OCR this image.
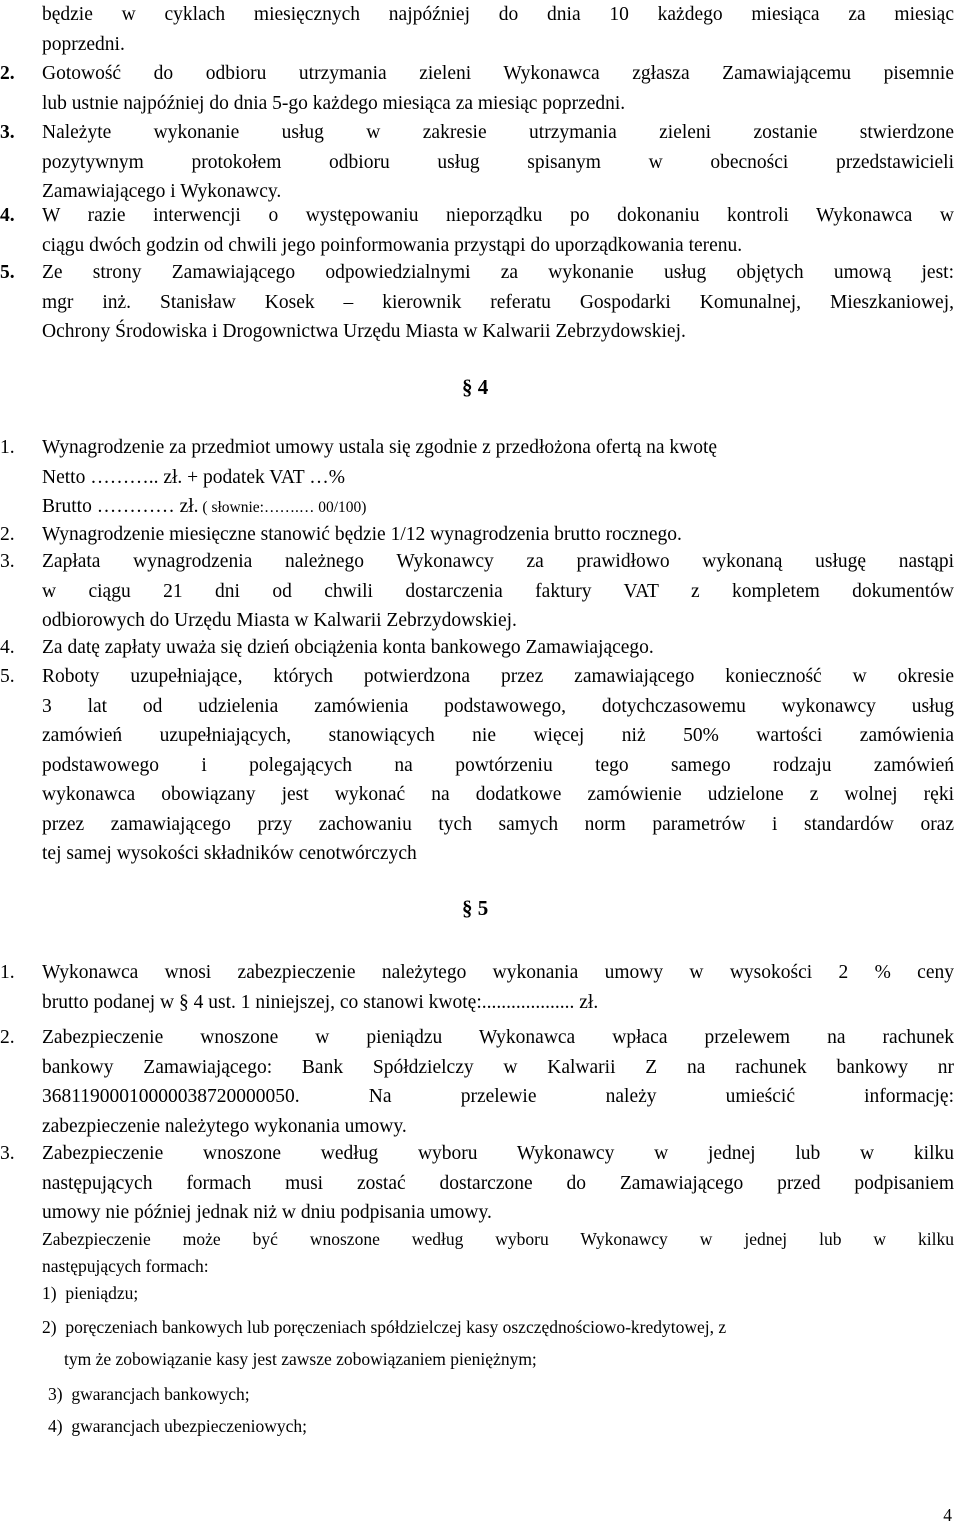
będzie w cyklach miesięcznych najpóźniej do dnia 10 każdego miesiąca za miesiąc
poprzedni.
2. Gotowość do odbioru utrzymania zieleni Wykonawca zgłasza Zamawiającemu pisemnie
lub ustnie najpóźniej do dnia 5-go każdego miesiąca za miesiąc poprzedni.
3. Należyte wykonanie usług w zakresie utrzymania zieleni zostanie stwierdzone
pozytywnym protokołem odbioru usług spisanym w obecności przedstawicieli
Zamawiającego i Wykonawcy.
4. W razie interwencji o występowaniu nieporządku po dokonaniu kontroli Wykonawca w
ciągu dwóch godzin od chwili jego poinformowania przystąpi do uporządkowania terenu.
5. Ze strony Zamawiającego odpowiedzialnymi za wykonanie usług objętych umową jest:
mgr inż. Stanisław Kosek – kierownik referatu Gospodarki Komunalnej, Mieszkaniowej,
Ochrony Środowiska i Drogownictwa Urzędu Miasta w Kalwarii Zebrzydowskiej.
§ 4
1. Wynagrodzenie za przedmiot umowy ustala się zgodnie z przedłożona ofertą na kwotę
Netto ……….. zł. + podatek VAT …%
Brutto ………… zł. ( słownie:…….… 00/100)
2. Wynagrodzenie miesięczne stanowić będzie 1/12 wynagrodzenia brutto rocznego.
3. Zapłata wynagrodzenia należnego Wykonawcy za prawidłowo wykonaną usługę nastąpi
w ciągu 21 dni od chwili dostarczenia faktury VAT z kompletem dokumentów
odbiorowych do Urzędu Miasta w Kalwarii Zebrzydowskiej.
4. Za datę zapłaty uważa się dzień obciążenia konta bankowego Zamawiającego.
5. Roboty uzupełniające, których potwierdzona przez zamawiającego konieczność w okresie
3 lat od udzielenia zamówienia podstawowego, dotychczasowemu wykonawcy usług
zamówień uzupełniających, stanowiących nie więcej niż 50% wartości zamówienia
podstawowego i polegających na powtórzeniu tego samego rodzaju zamówień
wykonawca obowiązany jest wykonać na dodatkowe zamówienie udzielone z wolnej ręki
przez zamawiającego przy zachowaniu tych samych norm parametrów i standardów oraz
tej samej wysokości składników cenotwórczych
§ 5
1. Wykonawca wnosi zabezpieczenie należytego wykonania umowy w wysokości 2 % ceny
brutto podanej w § 4 ust. 1 niniejszej, co stanowi kwotę:................... zł.
2. Zabezpieczenie wnoszone w pieniądzu Wykonawca wpłaca przelewem na rachunek
bankowy Zamawiającego: Bank Spółdzielczy w Kalwarii Z na rachunek bankowy nr
36811900010000038720000050. Na przelewie należy umieścić informację:
zabezpieczenie należytego wykonania umowy.
3. Zabezpieczenie wnoszone według wyboru Wykonawcy w jednej lub w kilku
następujących formach musi zostać dostarczone do Zamawiającego przed podpisaniem
umowy nie później jednak niż w dniu podpisania umowy.
Zabezpieczenie może być wnoszone według wyboru Wykonawcy w jednej lub w kilku
następujących formach:
1) pieniądzu;
2) poręczeniach bankowych lub poręczeniach spółdzielczej kasy oszczędnościowo-kredytowej, z
tym że zobowiązanie kasy jest zawsze zobowiązaniem pieniężnym;
3) gwarancjach bankowych;
4) gwarancjach ubezpieczeniowych;
4
